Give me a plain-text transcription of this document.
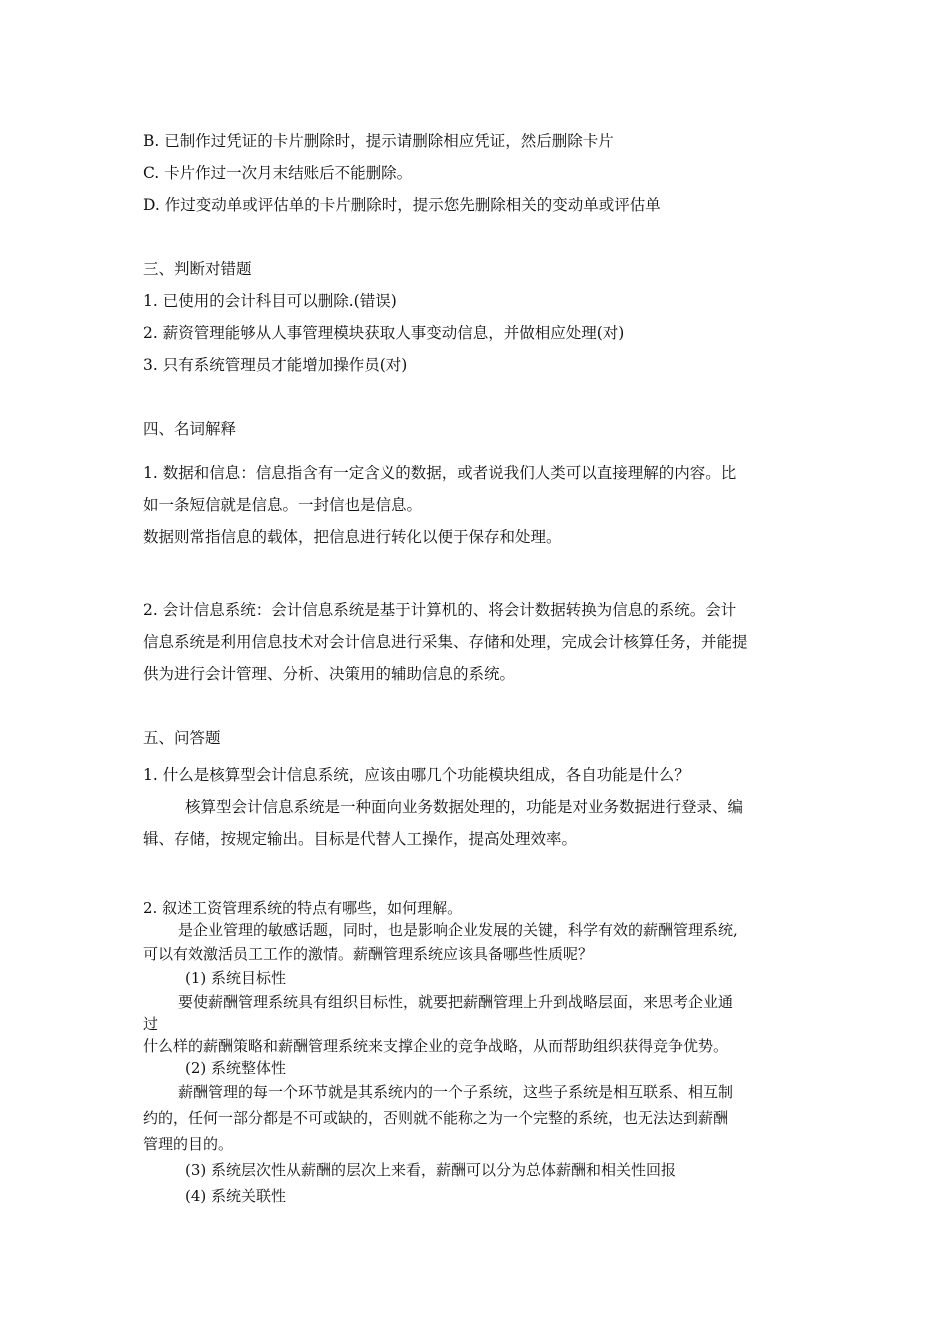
B. 已制作过凭证的卡片删除时，提示请删除相应凭证，然后删除卡片
C. 卡片作过一次月末结账后不能删除。
D. 作过变动单或评估单的卡片删除时，提示您先删除相关的变动单或评估单
三、判断对错题
1. 已使用的会计科目可以删除.(错误)
2. 薪资管理能够从人事管理模块获取人事变动信息，并做相应处理(对)
3. 只有系统管理员才能增加操作员(对)
四、名词解释
1. 数据和信息：信息指含有一定含义的数据，或者说我们人类可以直接理解的内容。比
如一条短信就是信息。一封信也是信息。
数据则常指信息的载体，把信息进行转化以便于保存和处理。
2. 会计信息系统：会计信息系统是基于计算机的、将会计数据转换为信息的系统。会计
信息系统是利用信息技术对会计信息进行采集、存储和处理，完成会计核算任务，并能提
供为进行会计管理、分析、决策用的辅助信息的系统。
五、问答题
1. 什么是核算型会计信息系统，应该由哪几个功能模块组成，各自功能是什么？
核算型会计信息系统是一种面向业务数据处理的，功能是对业务数据进行登录、编
辑、存储，按规定输出。目标是代替人工操作，提高处理效率。
2. 叙述工资管理系统的特点有哪些，如何理解。
是企业管理的敏感话题，同时，也是影响企业发展的关键，科学有效的薪酬管理系统,
可以有效激活员工工作的激情。薪酬管理系统应该具备哪些性质呢？
(1) 系统目标性
要使薪酬管理系统具有组织目标性，就要把薪酬管理上升到战略层面，来思考企业通
过
什么样的薪酬策略和薪酬管理系统来支撑企业的竞争战略，从而帮助组织获得竞争优势。
(2) 系统整体性
薪酬管理的每一个环节就是其系统内的一个子系统，这些子系统是相互联系、相互制
约的，任何一部分都是不可或缺的，否则就不能称之为一个完整的系统，也无法达到薪酬
管理的目的。
(3) 系统层次性从薪酬的层次上来看，薪酬可以分为总体薪酬和相关性回报
(4) 系统关联性
